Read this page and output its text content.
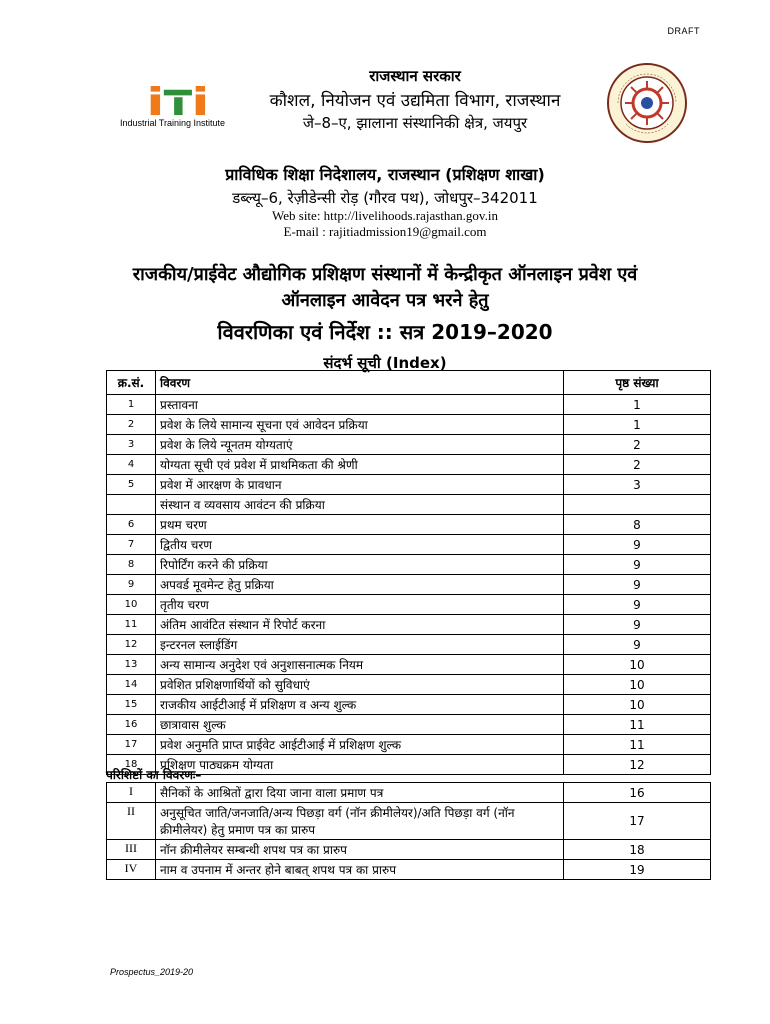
DRAFT
Industrial Training Institute
राजस्थान सरकार
कौशल, नियोजन एवं उद्यमिता विभाग, राजस्थान
जे–8–ए, झालाना संस्थानिकी क्षेत्र, जयपुर
प्राविधिक शिक्षा निदेशालय, राजस्थान (प्रशिक्षण शाखा)
डब्ल्यू–6, रेज़ीडेन्सी रोड़ (गौरव पथ), जोधपुर–342011
Web site: http://livelihoods.rajasthan.gov.in
E-mail : rajitiadmission19@gmail.com
राजकीय/प्राईवेट औद्योगिक प्रशिक्षण संस्थानों में केन्द्रीकृत ऑनलाइन प्रवेश एवं
ऑनलाइन आवेदन पत्र भरने हेतु
विवरणिका एवं निर्देश :: सत्र 2019–2020
संदर्भ सूची (Index)
क्र.सं.	विवरण	पृष्ठ संख्या
1	प्रस्तावना	1
2	प्रवेश के लिये सामान्य सूचना एवं आवेदन प्रक्रिया	1
3	प्रवेश के लिये न्यूनतम योग्यताएं	2
4	योग्यता सूची एवं प्रवेश में प्राथमिकता की श्रेणी	2
5	प्रवेश में आरक्षण के प्रावधान	3
	संस्थान व व्यवसाय आवंटन की प्रक्रिया	
6	प्रथम चरण	8
7	द्वितीय चरण	9
8	रिपोर्टिंग करने की प्रक्रिया	9
9	अपवर्ड मूवमेन्ट हेतु प्रक्रिया	9
10	तृतीय चरण	9
11	अंतिम आवंटित संस्थान में रिपोर्ट करना	9
12	इन्टरनल स्लाईडिंग	9
13	अन्य सामान्य अनुदेश एवं अनुशासनात्मक नियम	10
14	प्रवेशित प्रशिक्षणार्थियों को सुविधाएं	10
15	राजकीय आईटीआई में प्रशिक्षण व अन्य शुल्क	10
16	छात्रावास शुल्क	11
17	प्रवेश अनुमति प्राप्त प्राईवेट आईटीआई में प्रशिक्षण शुल्क	11
18	प्रशिक्षण पाठ्यक्रम योग्यता	12
परिशिष्टों का विवरणः–
I	सैनिकों के आश्रितों द्वारा दिया जाना वाला प्रमाण पत्र	16
II	अनुसूचित जाति/जनजाति/अन्य पिछड़ा वर्ग (नॉन क्रीमीलेयर)/अति पिछड़ा वर्ग (नॉन क्रीमीलेयर) हेतु प्रमाण पत्र का प्रारुप	17
III	नॉन क्रीमीलेयर सम्बन्धी शपथ पत्र का प्रारुप	18
IV	नाम व उपनाम में अन्तर होने बाबत् शपथ पत्र का प्रारुप	19
Prospectus_2019-20
